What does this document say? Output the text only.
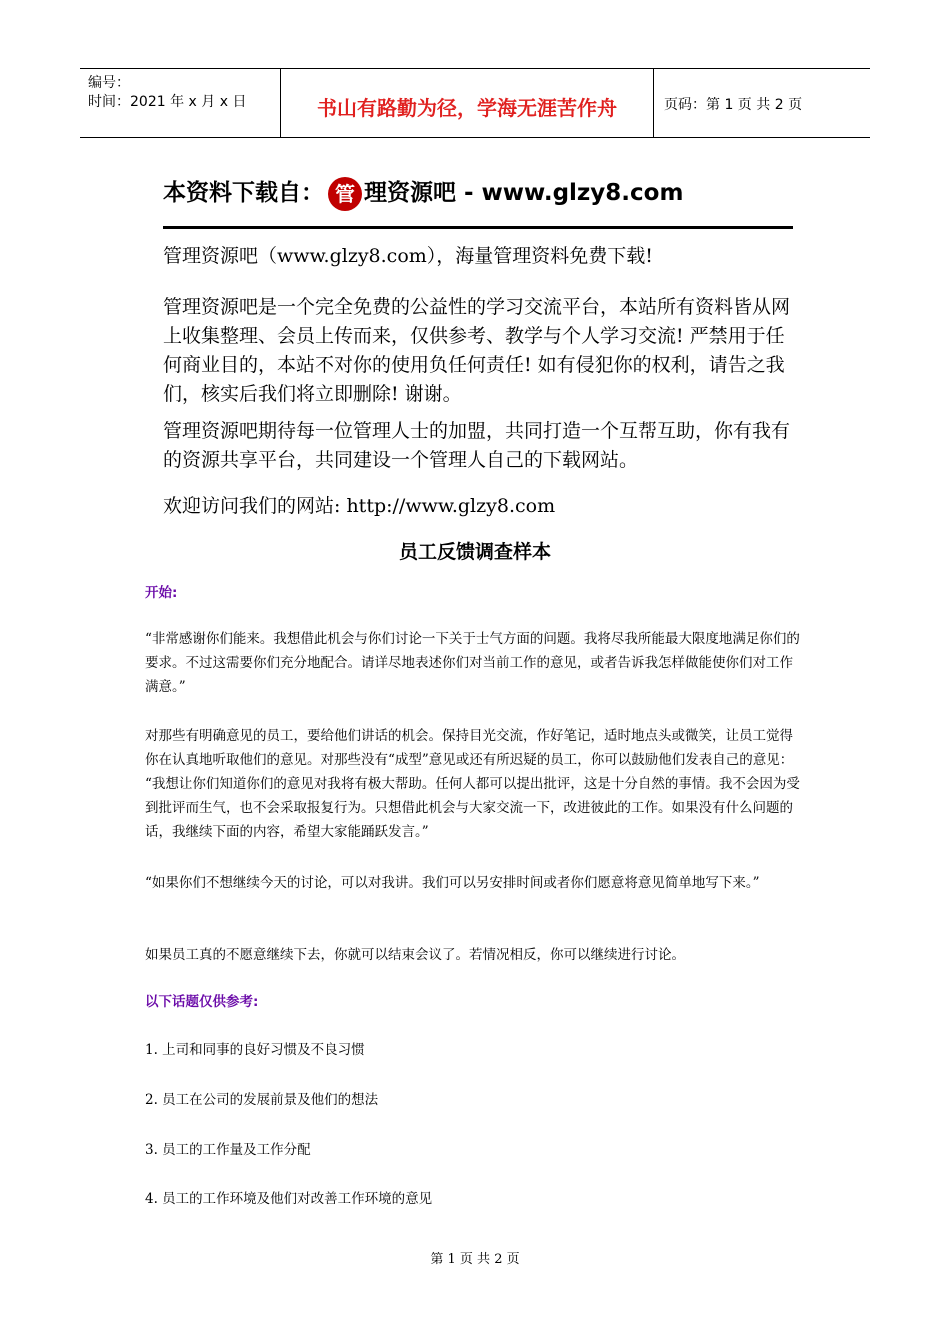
编号：
时间：2021 年 x 月 x 日	书山有路勤为径，学海无涯苦作舟	页码：第 1 页 共 2 页
本资料下载自： 管 理资源吧 - www.glzy8.com

管理资源吧（www.glzy8.com），海量管理资料免费下载!

管理资源吧是一个完全免费的公益性的学习交流平台，本站所有资料皆从网上收集整理、会员上传而来，仅供参考、教学与个人学习交流! 严禁用于任何商业目的，本站不对你的使用负任何责任! 如有侵犯你的权利，请告之我们，核实后我们将立即删除! 谢谢。

管理资源吧期待每一位管理人士的加盟，共同打造一个互帮互助，你有我有的资源共享平台，共同建设一个管理人自己的下载网站。

欢迎访问我们的网站: http://www.glzy8.com

员工反馈调查样本

开始:

“非常感谢你们能来。我想借此机会与你们讨论一下关于士气方面的问题。我将尽我所能最大限度地满足你们的要求。不过这需要你们充分地配合。请详尽地表述你们对当前工作的意见，或者告诉我怎样做能使你们对工作满意。”

对那些有明确意见的员工，要给他们讲话的机会。保持目光交流，作好笔记，适时地点头或微笑，让员工觉得你在认真地听取他们的意见。对那些没有“成型”意见或还有所迟疑的员工，你可以鼓励他们发表自己的意见： “我想让你们知道你们的意见对我将有极大帮助。任何人都可以提出批评，这是十分自然的事情。我不会因为受到批评而生气，也不会采取报复行为。只想借此机会与大家交流一下，改进彼此的工作。如果没有什么问题的话，我继续下面的内容，希望大家能踊跃发言。”

“如果你们不想继续今天的讨论，可以对我讲。我们可以另安排时间或者你们愿意将意见简单地写下来。”

如果员工真的不愿意继续下去，你就可以结束会议了。若情况相反，你可以继续进行讨论。

以下话题仅供参考:

1. 上司和同事的良好习惯及不良习惯

2. 员工在公司的发展前景及他们的想法

3. 员工的工作量及工作分配

4. 员工的工作环境及他们对改善工作环境的意见

第 1 页 共 2 页
